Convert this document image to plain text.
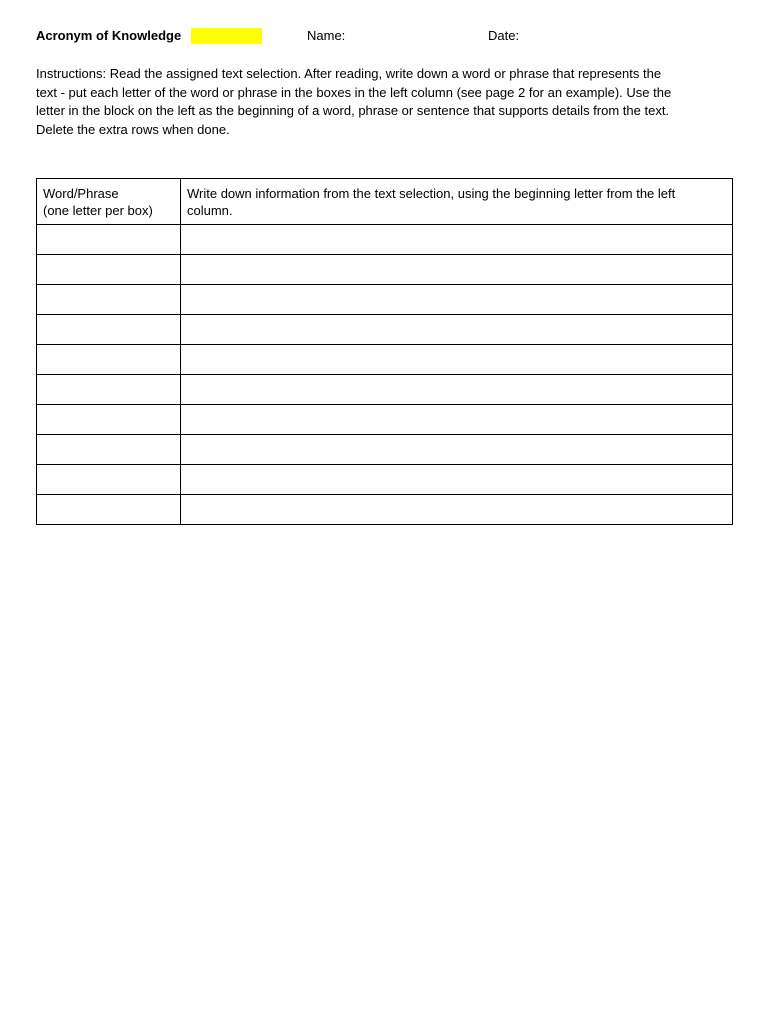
Acronym of Knowledge	Name:	Date:
Instructions: Read the assigned text selection. After reading, write down a word or phrase that represents the
text - put each letter of the word or phrase in the boxes in the left column (see page 2 for an example). Use the
letter in the block on the left as the beginning of a word, phrase or sentence that supports details from the text.
Delete the extra rows when done.
Word/Phrase
(one letter per box)	Write down information from the text selection, using the beginning letter from the left
column.
